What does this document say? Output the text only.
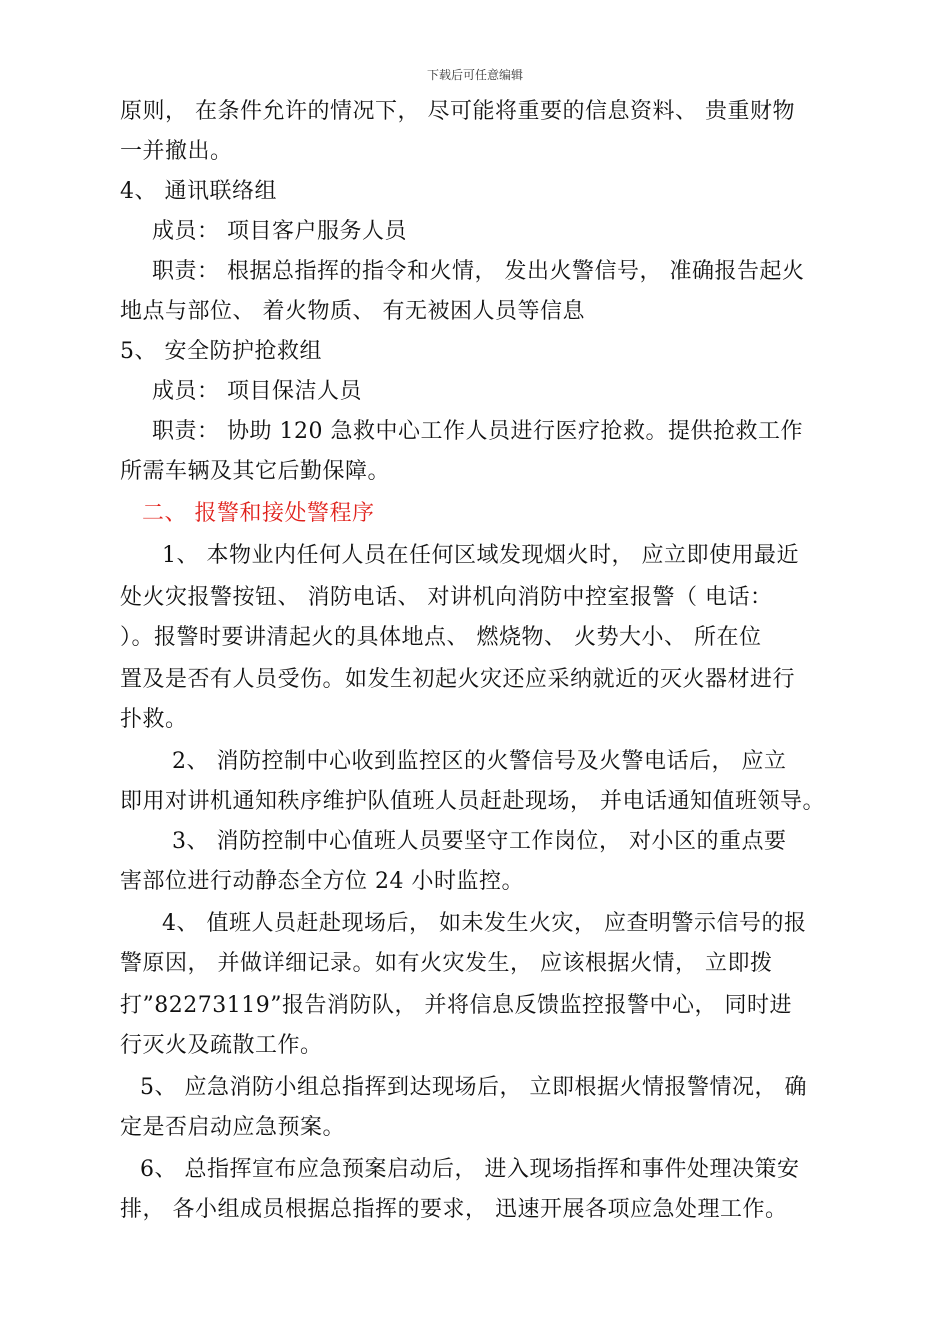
下载后可任意编辑
原则， 在条件允许的情况下， 尽可能将重要的信息资料、 贵重财物
一并撤出。
4、 通讯联络组
成员： 项目客户服务人员
职责： 根据总指挥的指令和火情， 发出火警信号， 准确报告起火
地点与部位、 着火物质、 有无被困人员等信息
5、 安全防护抢救组
成员： 项目保洁人员
职责： 协助 120 急救中心工作人员进行医疗抢救。提供抢救工作
所需车辆及其它后勤保障。
二、 报警和接处警程序
1、 本物业内任何人员在任何区域发现烟火时， 应立即使用最近
处火灾报警按钮、 消防电话、 对讲机向消防中控室报警（ 电话：
）。报警时要讲清起火的具体地点、 燃烧物、 火势大小、 所在位
置及是否有人员受伤。如发生初起火灾还应采纳就近的灭火器材进行
扑救。
2、 消防控制中心收到监控区的火警信号及火警电话后， 应立
即用对讲机通知秩序维护队值班人员赶赴现场， 并电话通知值班领导。
3、 消防控制中心值班人员要坚守工作岗位， 对小区的重点要
害部位进行动静态全方位 24 小时监控。
4、 值班人员赶赴现场后， 如未发生火灾， 应查明警示信号的报
警原因， 并做详细记录。如有火灾发生， 应该根据火情， 立即拨
打”82273119”报告消防队， 并将信息反馈监控报警中心， 同时进
行灭火及疏散工作。
5、 应急消防小组总指挥到达现场后， 立即根据火情报警情况， 确
定是否启动应急预案。
6、 总指挥宣布应急预案启动后， 进入现场指挥和事件处理决策安
排， 各小组成员根据总指挥的要求， 迅速开展各项应急处理工作。
